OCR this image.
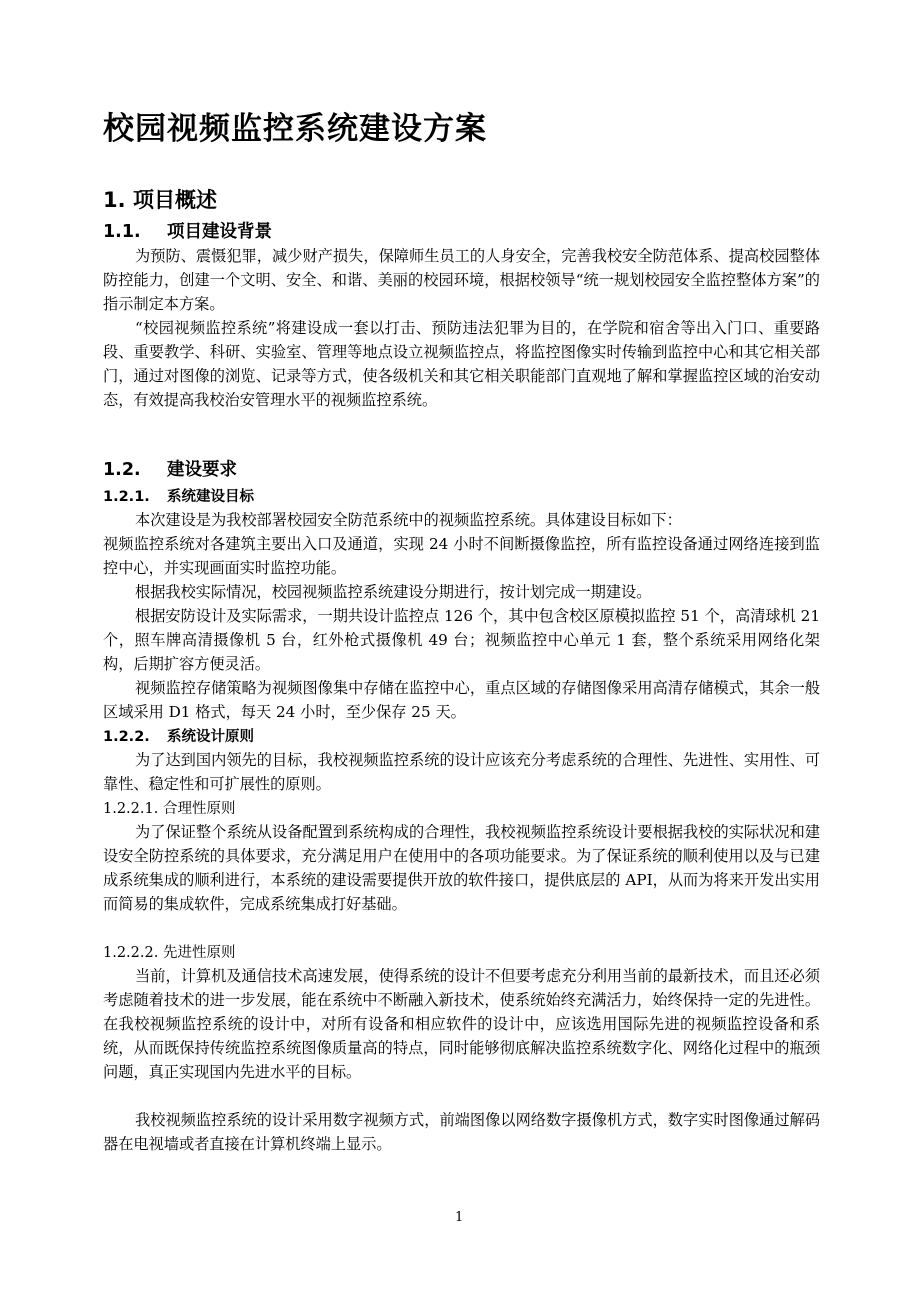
校园视频监控系统建设方案
1. 项目概述
1.1. 项目建设背景

为预防、震慑犯罪，减少财产损失，保障师生员工的人身安全，完善我校安全防范体系、提高校园整体防控能力，创建一个文明、安全、和谐、美丽的校园环境，根据校领导“统一规划校园安全监控整体方案”的指示制定本方案。

“校园视频监控系统”将建设成一套以打击、预防违法犯罪为目的，在学院和宿舍等出入门口、重要路段、重要教学、科研、实验室、管理等地点设立视频监控点，将监控图像实时传输到监控中心和其它相关部门，通过对图像的浏览、记录等方式，使各级机关和其它相关职能部门直观地了解和掌握监控区域的治安动态，有效提高我校治安管理水平的视频监控系统。

1.2. 建设要求
1.2.1. 系统建设目标

本次建设是为我校部署校园安全防范系统中的视频监控系统。具体建设目标如下：

视频监控系统对各建筑主要出入口及通道，实现 24 小时不间断摄像监控，所有监控设备通过网络连接到监控中心，并实现画面实时监控功能。

根据我校实际情况，校园视频监控系统建设分期进行，按计划完成一期建设。

根据安防设计及实际需求，一期共设计监控点 126 个，其中包含校区原模拟监控 51 个，高清球机 21 个，照车牌高清摄像机 5 台，红外枪式摄像机 49 台；视频监控中心单元 1 套，整个系统采用网络化架构，后期扩容方便灵活。

视频监控存储策略为视频图像集中存储在监控中心，重点区域的存储图像采用高清存储模式，其余一般区域采用 D1 格式，每天 24 小时，至少保存 25 天。

1.2.2. 系统设计原则

为了达到国内领先的目标，我校视频监控系统的设计应该充分考虑系统的合理性、先进性、实用性、可靠性、稳定性和可扩展性的原则。

1.2.2.1. 合理性原则

为了保证整个系统从设备配置到系统构成的合理性，我校视频监控系统设计要根据我校的实际状况和建设安全防控系统的具体要求，充分满足用户在使用中的各项功能要求。为了保证系统的顺利使用以及与已建成系统集成的顺利进行，本系统的建设需要提供开放的软件接口，提供底层的 API，从而为将来开发出实用而简易的集成软件，完成系统集成打好基础。

1.2.2.2. 先进性原则

当前，计算机及通信技术高速发展，使得系统的设计不但要考虑充分利用当前的最新技术，而且还必须考虑随着技术的进一步发展，能在系统中不断融入新技术，使系统始终充满活力，始终保持一定的先进性。在我校视频监控系统的设计中，对所有设备和相应软件的设计中，应该选用国际先进的视频监控设备和系统，从而既保持传统监控系统图像质量高的特点，同时能够彻底解决监控系统数字化、网络化过程中的瓶颈问题，真正实现国内先进水平的目标。

我校视频监控系统的设计采用数字视频方式，前端图像以网络数字摄像机方式，数字实时图像通过解码器在电视墙或者直接在计算机终端上显示。

1
